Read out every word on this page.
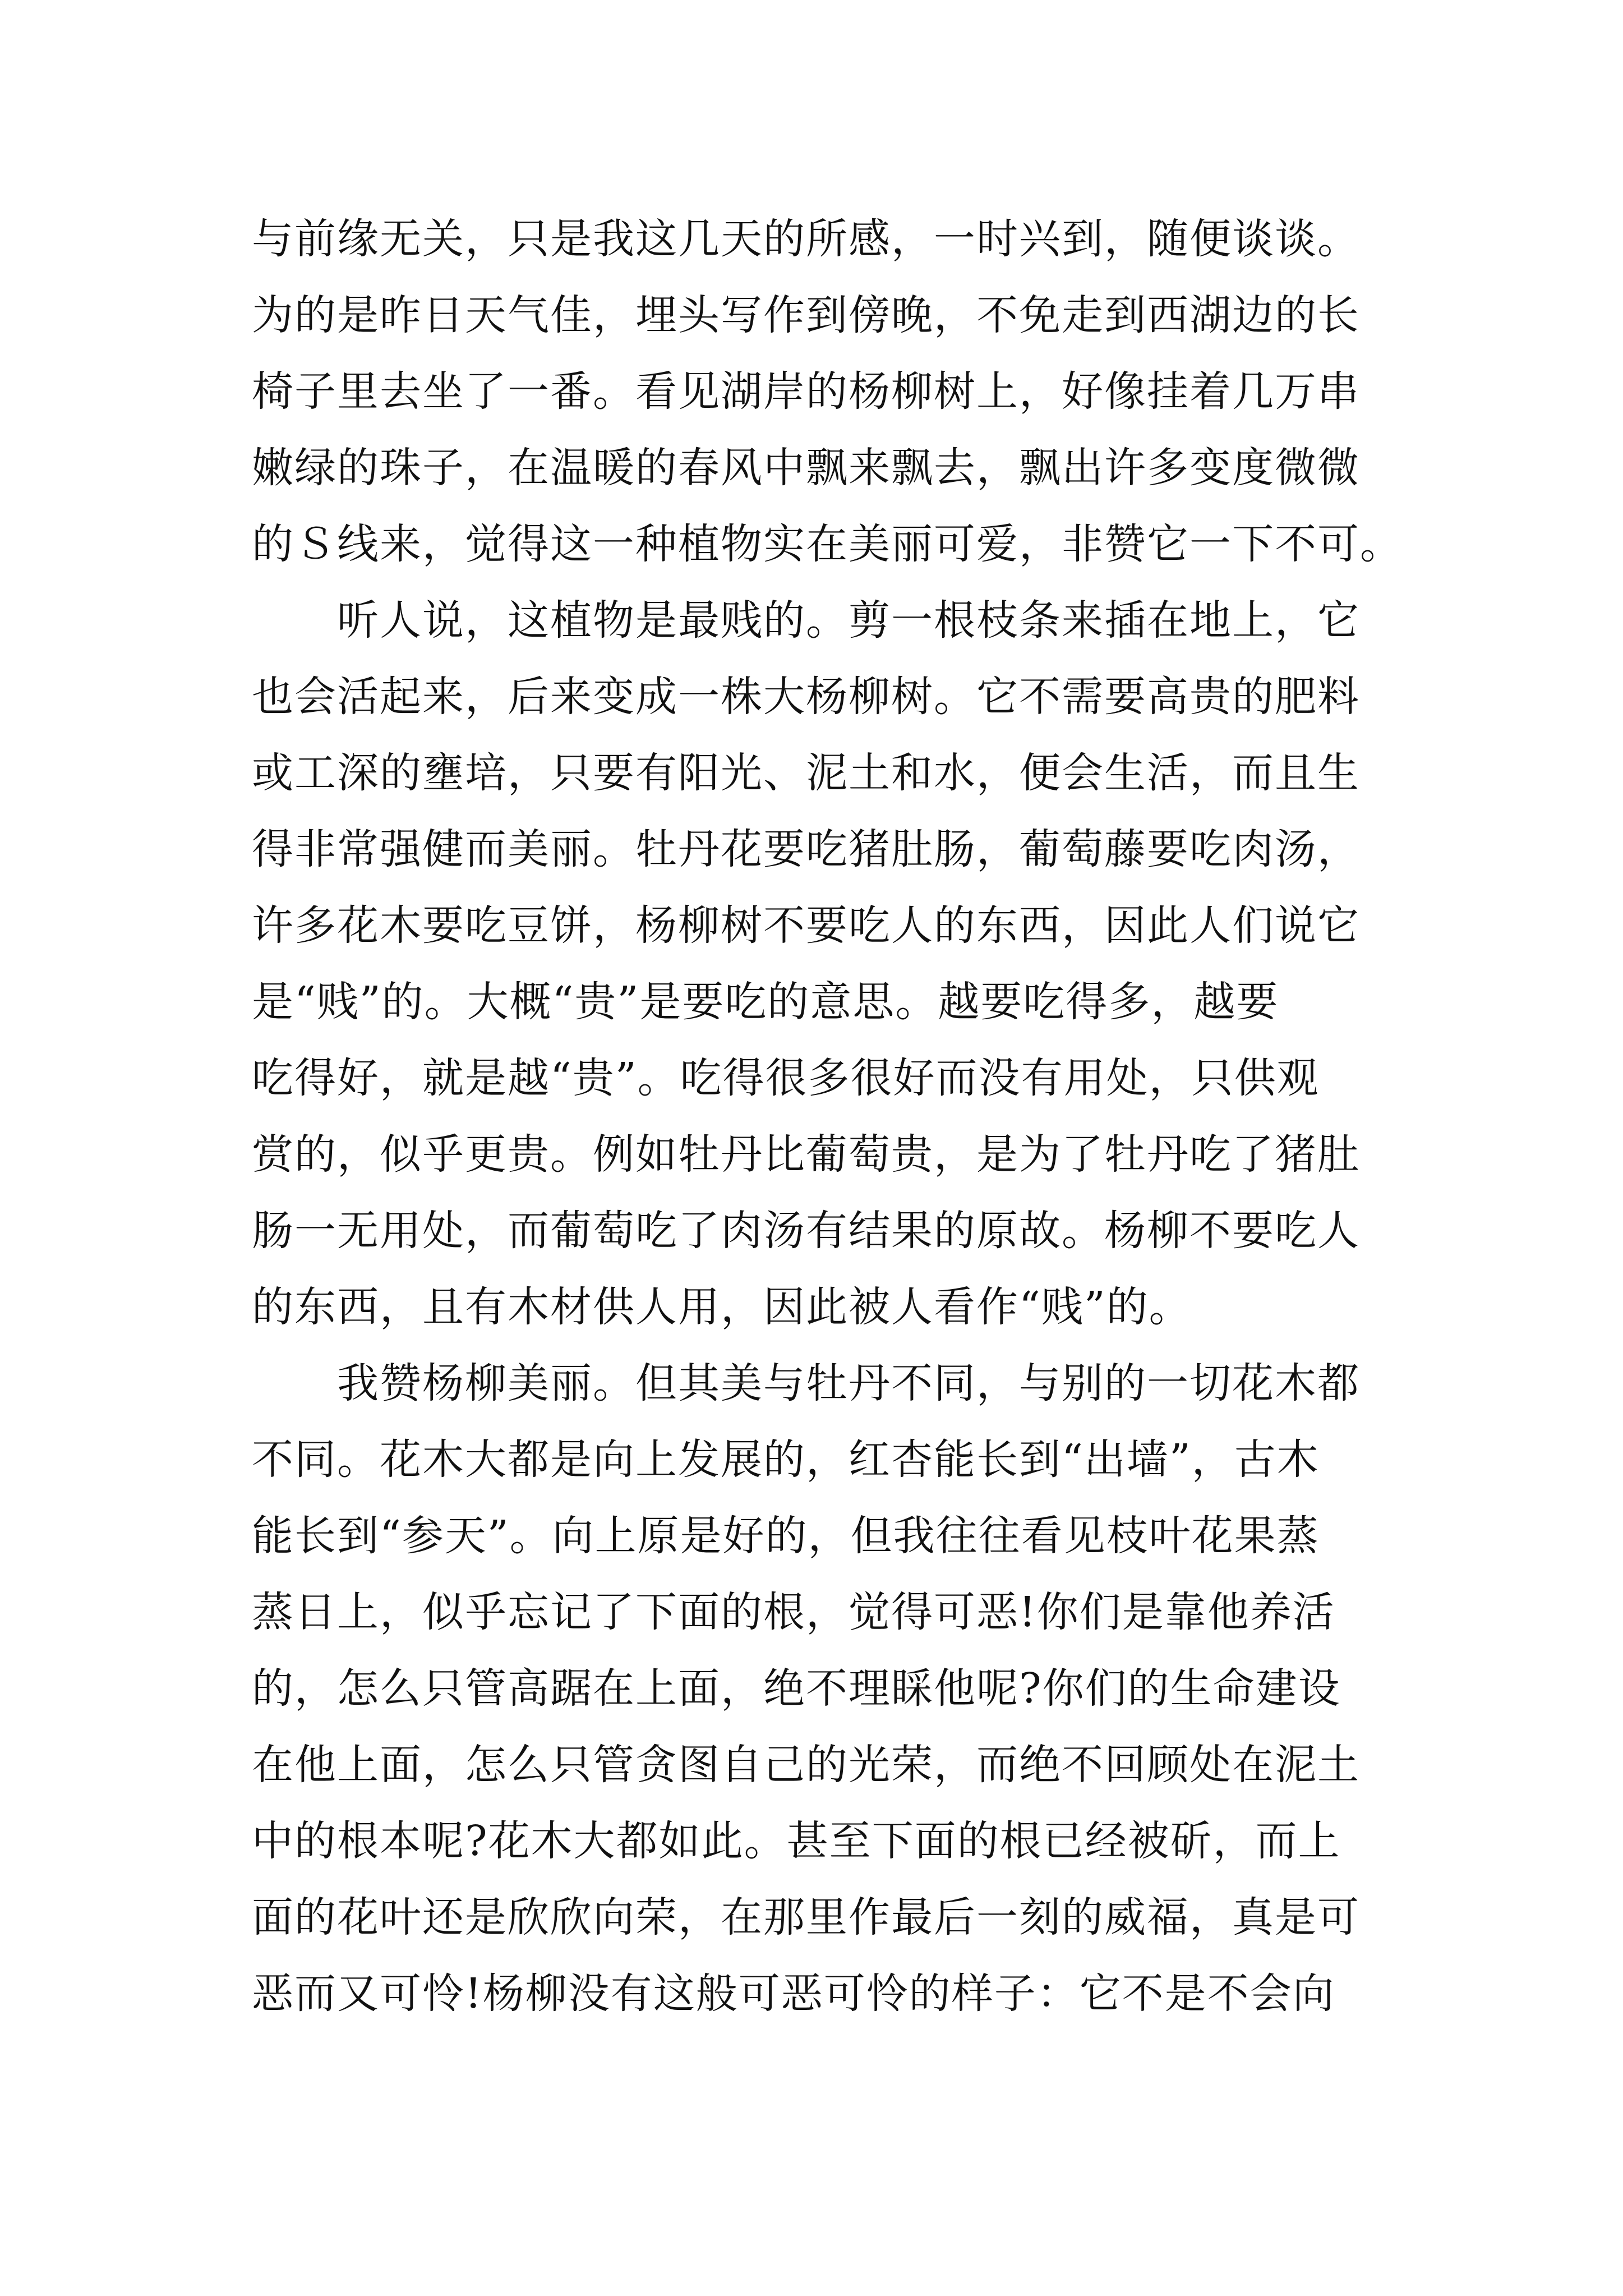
与前缘无关，只是我这几天的所感，一时兴到，随便谈谈。
为的是昨日天气佳，埋头写作到傍晚，不免走到西湖边的长
椅子里去坐了一番。看见湖岸的杨柳树上，好像挂着几万串
嫩绿的珠子，在温暖的春风中飘来飘去，飘出许多变度微微
的Ｓ线来，觉得这一种植物实在美丽可爱，非赞它一下不可。
　　听人说，这植物是最贱的。剪一根枝条来插在地上，它
也会活起来，后来变成一株大杨柳树。它不需要高贵的肥料
或工深的壅培，只要有阳光、泥土和水，便会生活，而且生
得非常强健而美丽。牡丹花要吃猪肚肠，葡萄藤要吃肉汤，
许多花木要吃豆饼，杨柳树不要吃人的东西，因此人们说它
是“贱”的。大概“贵”是要吃的意思。越要吃得多，越要
吃得好，就是越“贵”。吃得很多很好而没有用处，只供观
赏的，似乎更贵。例如牡丹比葡萄贵，是为了牡丹吃了猪肚
肠一无用处，而葡萄吃了肉汤有结果的原故。杨柳不要吃人
的东西，且有木材供人用，因此被人看作“贱”的。
　　我赞杨柳美丽。但其美与牡丹不同，与别的一切花木都
不同。花木大都是向上发展的，红杏能长到“出墙”，古木
能长到“参天”。向上原是好的，但我往往看见枝叶花果蒸
蒸日上，似乎忘记了下面的根，觉得可恶!你们是靠他养活
的，怎么只管高踞在上面，绝不理睬他呢?你们的生命建设
在他上面，怎么只管贪图自己的光荣，而绝不回顾处在泥土
中的根本呢?花木大都如此。甚至下面的根已经被斫，而上
面的花叶还是欣欣向荣，在那里作最后一刻的威福，真是可
恶而又可怜!杨柳没有这般可恶可怜的样子：它不是不会向
